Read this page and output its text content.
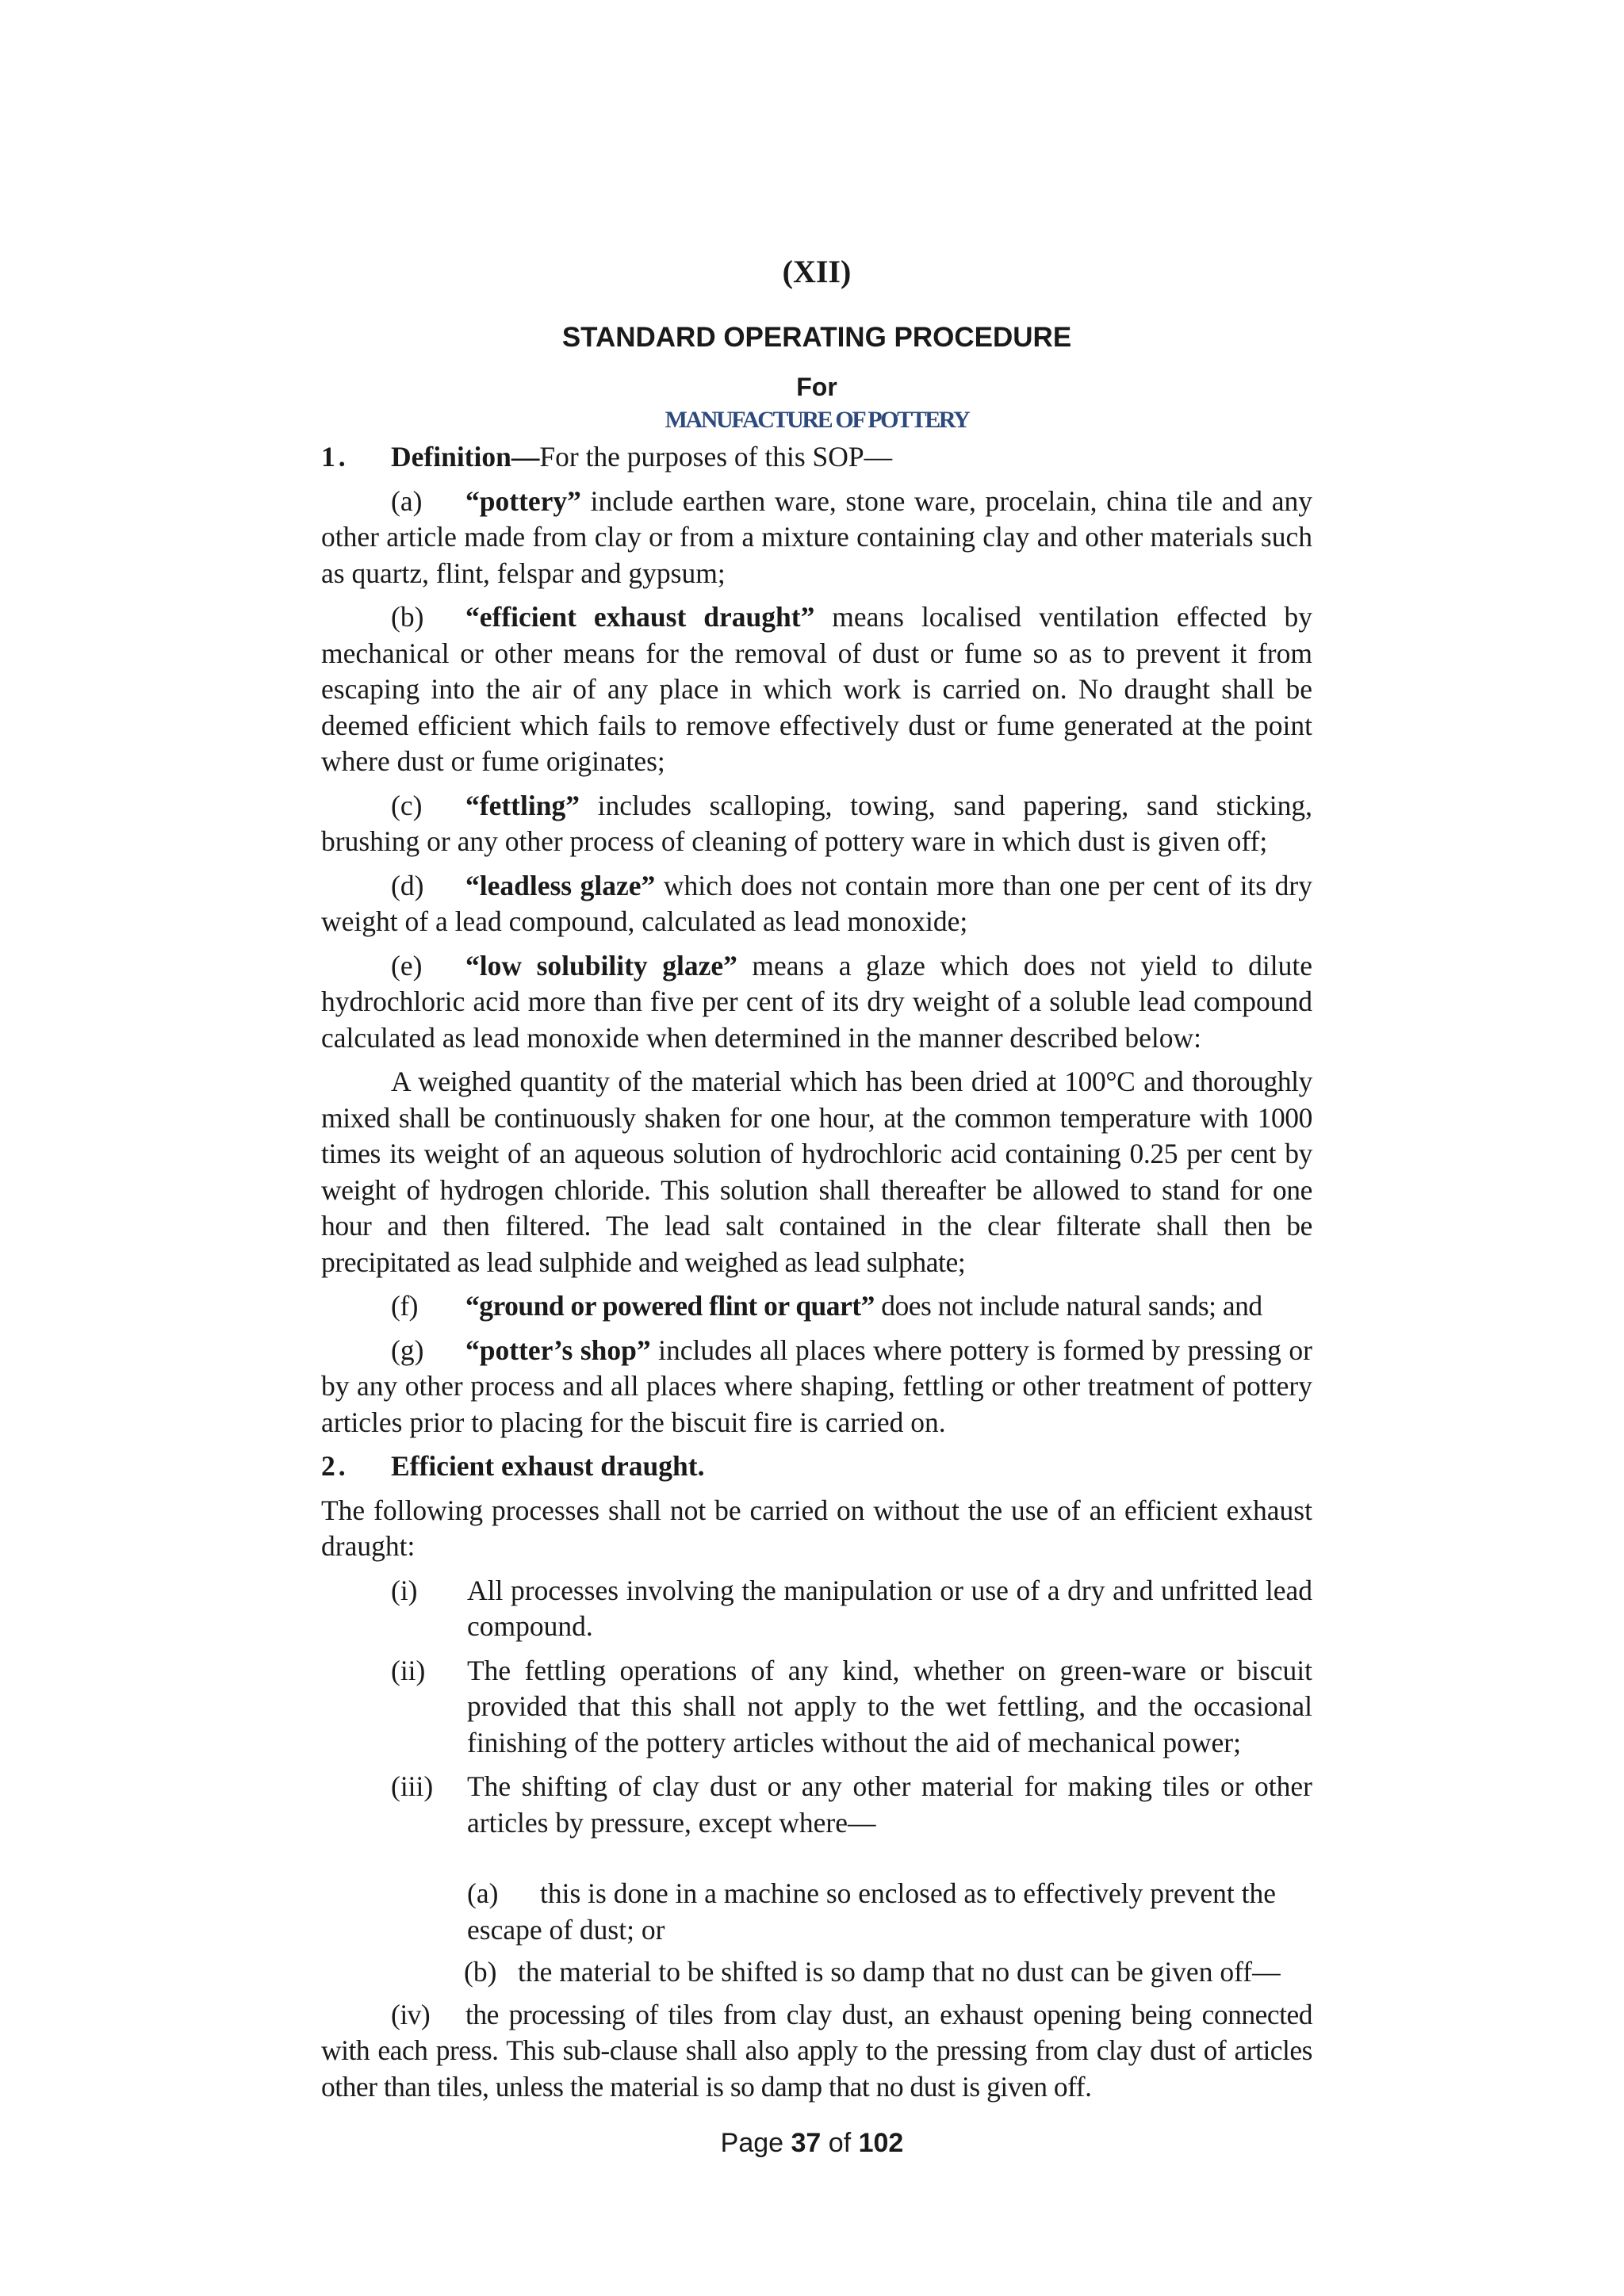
(XII)
STANDARD OPERATING PROCEDURE
For
MANUFACTURE OF POTTERY
1. Definition—For the purposes of this SOP—
(a) “pottery” include earthen ware, stone ware, procelain, china tile and any other article made from clay or from a mixture containing clay and other materials such as quartz, flint, felspar and gypsum;
(b) “efficient exhaust draught” means localised ventilation effected by mechanical or other means for the removal of dust or fume so as to prevent it from escaping into the air of any place in which work is carried on. No draught shall be deemed efficient which fails to remove effectively dust or fume generated at the point where dust or fume originates;
(c) “fettling” includes scalloping, towing, sand papering, sand sticking, brushing or any other process of cleaning of pottery ware in which dust is given off;
(d) “leadless glaze” which does not contain more than one per cent of its dry weight of a lead compound, calculated as lead monoxide;
(e) “low solubility glaze” means a glaze which does not yield to dilute hydrochloric acid more than five per cent of its dry weight of a soluble lead compound calculated as lead monoxide when determined in the manner described below:
A weighed quantity of the material which has been dried at 100°C and thoroughly mixed shall be continuously shaken for one hour, at the common temperature with 1000 times its weight of an aqueous solution of hydrochloric acid containing 0.25 per cent by weight of hydrogen chloride. This solution shall thereafter be allowed to stand for one hour and then filtered. The lead salt contained in the clear filterate shall then be precipitated as lead sulphide and weighed as lead sulphate;
(f) “ground or powered flint or quart” does not include natural sands; and
(g) “potter’s shop” includes all places where pottery is formed by pressing or by any other process and all places where shaping, fettling or other treatment of pottery articles prior to placing for the biscuit fire is carried on.
2. Efficient exhaust draught.
The following processes shall not be carried on without the use of an efficient exhaust draught:
(i) All processes involving the manipulation or use of a dry and unfritted lead compound.
(ii) The fettling operations of any kind, whether on green-ware or biscuit provided that this shall not apply to the wet fettling, and the occasional finishing of the pottery articles without the aid of mechanical power;
(iii) The shifting of clay dust or any other material for making tiles or other articles by pressure, except where—
(a) this is done in a machine so enclosed as to effectively prevent the escape of dust; or
(b) the material to be shifted is so damp that no dust can be given off—
(iv) the processing of tiles from clay dust, an exhaust opening being connected with each press. This sub-clause shall also apply to the pressing from clay dust of articles other than tiles, unless the material is so damp that no dust is given off.
Page 37 of 102
